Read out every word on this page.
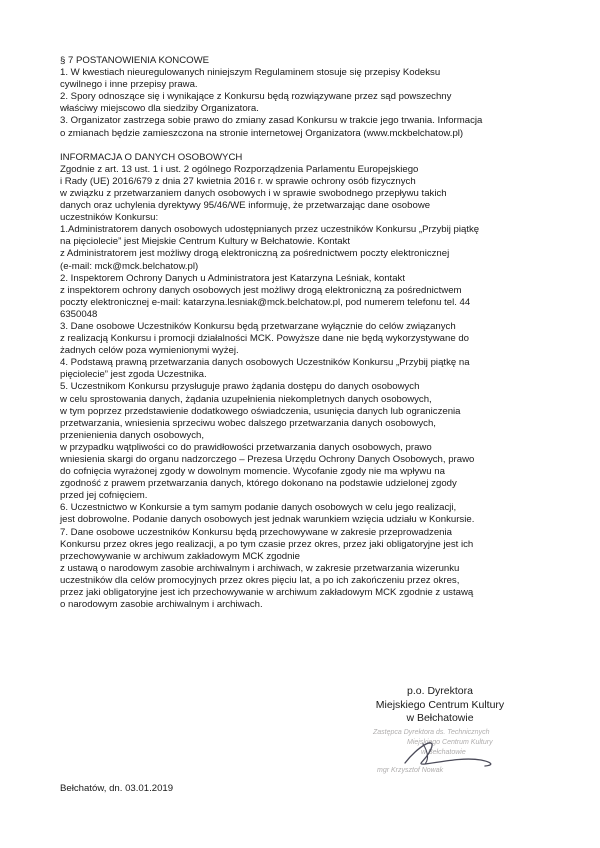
§ 7 POSTANOWIENIA KONCOWE

1. W kwestiach nieuregulowanych niniejszym Regulaminem stosuje się przepisy Kodeksu

cywilnego i inne przepisy prawa.

2. Spory odnoszące się i wynikające z Konkursu będą rozwiązywane przez sąd powszechny

właściwy miejscowo dla siedziby Organizatora.

3. Organizator zastrzega sobie prawo do zmiany zasad Konkursu w trakcie jego trwania. Informacja

o zmianach będzie zamieszczona na stronie internetowej Organizatora (www.mckbelchatow.pl)

INFORMACJA O DANYCH OSOBOWYCH

Zgodnie z art. 13 ust. 1 i ust. 2 ogólnego Rozporządzenia Parlamentu Europejskiego

i Rady (UE) 2016/679 z dnia 27 kwietnia 2016 r. w sprawie ochrony osób fizycznych

w związku z przetwarzaniem danych osobowych i w sprawie swobodnego przepływu takich

danych oraz uchylenia dyrektywy 95/46/WE informuję, że przetwarzając dane osobowe

uczestników Konkursu:

1.Administratorem danych osobowych udostępnianych przez uczestników Konkursu „Przybij piątkę

na pięciolecie” jest Miejskie Centrum Kultury w Bełchatowie. Kontakt

z Administratorem jest możliwy drogą elektroniczną za pośrednictwem poczty elektronicznej

(e-mail: mck@mck.belchatow.pl)

2. Inspektorem Ochrony Danych u Administratora jest Katarzyna Leśniak, kontakt

z inspektorem ochrony danych osobowych jest możliwy drogą elektroniczną za pośrednictwem

poczty elektronicznej e-mail: katarzyna.lesniak@mck.belchatow.pl, pod numerem telefonu tel. 44

6350048

3. Dane osobowe Uczestników Konkursu będą przetwarzane wyłącznie do celów związanych

z realizacją Konkursu i promocji działalności MCK. Powyższe dane nie będą wykorzystywane do

żadnych celów poza wymienionymi wyżej.

4. Podstawą prawną przetwarzania danych osobowych Uczestników Konkursu „Przybij piątkę na

pięciolecie” jest zgoda Uczestnika.

5. Uczestnikom Konkursu przysługuje prawo żądania dostępu do danych osobowych

w celu sprostowania danych, żądania uzupełnienia niekompletnych danych osobowych,

w tym poprzez przedstawienie dodatkowego oświadczenia, usunięcia danych lub ograniczenia

przetwarzania, wniesienia sprzeciwu wobec dalszego przetwarzania danych osobowych,

przenienienia danych osobowych,

w przypadku wątpliwości co do prawidłowości przetwarzania danych osobowych, prawo

wniesienia skargi do organu nadzorczego – Prezesa Urzędu Ochrony Danych Osobowych, prawo

do cofnięcia wyrażonej zgody w dowolnym momencie. Wycofanie zgody nie ma wpływu na

zgodność z prawem przetwarzania danych, którego dokonano na podstawie udzielonej zgody

przed jej cofnięciem.

6. Uczestnictwo w Konkursie a tym samym podanie danych osobowych w celu jego realizacji,

jest dobrowolne. Podanie danych osobowych jest jednak warunkiem wzięcia udziału w Konkursie.

7. Dane osobowe uczestników Konkursu będą przechowywane w zakresie przeprowadzenia

Konkursu przez okres jego realizacji, a po tym czasie przez okres, przez jaki obligatoryjne jest ich

przechowywanie w archiwum zakładowym MCK zgodnie

z ustawą o narodowym zasobie archiwalnym i archiwach, w zakresie przetwarzania wizerunku

uczestników dla celów promocyjnych przez okres pięciu lat, a po ich zakończeniu przez okres,

przez jaki obligatoryjne jest ich przechowywanie w archiwum zakładowym MCK zgodnie z ustawą

o narodowym zasobie archiwalnym i archiwach.

p.o. Dyrektora
Miejskiego Centrum Kultury
w Bełchatowie
Zastępca Dyrektora ds. Technicznych
Miejskiego Centrum Kultury
w Bełchatowie
mgr Krzysztof Nowak
Bełchatów, dn. 03.01.2019
